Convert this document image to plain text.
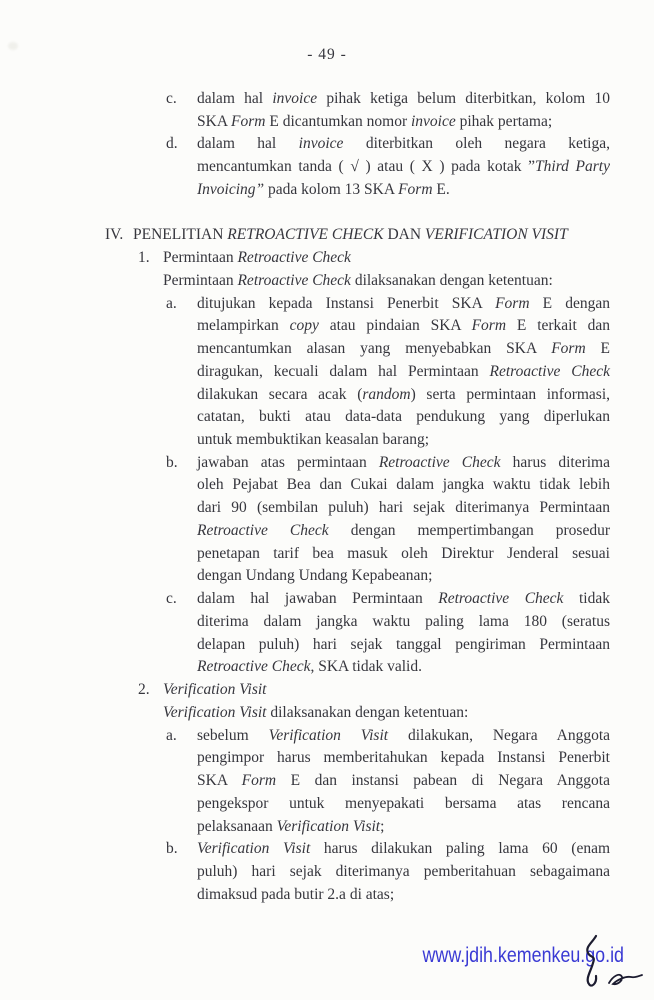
- 49 -
c. dalam hal invoice pihak ketiga belum diterbitkan, kolom 10
SKA Form E dicantumkan nomor invoice pihak pertama;
d. dalam hal invoice diterbitkan oleh negara ketiga,
mencantumkan tanda ( √ ) atau ( X ) pada kotak ”Third Party
Invoicing” pada kolom 13 SKA Form E.
IV. PENELITIAN RETROACTIVE CHECK DAN VERIFICATION VISIT
1. Permintaan Retroactive Check
Permintaan Retroactive Check dilaksanakan dengan ketentuan:
a. ditujukan kepada Instansi Penerbit SKA Form E dengan
melampirkan copy atau pindaian SKA Form E terkait dan
mencantumkan alasan yang menyebabkan SKA Form E
diragukan, kecuali dalam hal Permintaan Retroactive Check
dilakukan secara acak (random) serta permintaan informasi,
catatan, bukti atau data-data pendukung yang diperlukan
untuk membuktikan keasalan barang;
b. jawaban atas permintaan Retroactive Check harus diterima
oleh Pejabat Bea dan Cukai dalam jangka waktu tidak lebih
dari 90 (sembilan puluh) hari sejak diterimanya Permintaan
Retroactive Check dengan mempertimbangan prosedur
penetapan tarif bea masuk oleh Direktur Jenderal sesuai
dengan Undang Undang Kepabeanan;
c. dalam hal jawaban Permintaan Retroactive Check tidak
diterima dalam jangka waktu paling lama 180 (seratus
delapan puluh) hari sejak tanggal pengiriman Permintaan
Retroactive Check, SKA tidak valid.
2. Verification Visit
Verification Visit dilaksanakan dengan ketentuan:
a. sebelum Verification Visit dilakukan, Negara Anggota
pengimpor harus memberitahukan kepada Instansi Penerbit
SKA Form E dan instansi pabean di Negara Anggota
pengekspor untuk menyepakati bersama atas rencana
pelaksanaan Verification Visit;
b. Verification Visit harus dilakukan paling lama 60 (enam
puluh) hari sejak diterimanya pemberitahuan sebagaimana
dimaksud pada butir 2.a di atas;
www.jdih.kemenkeu.go.id
